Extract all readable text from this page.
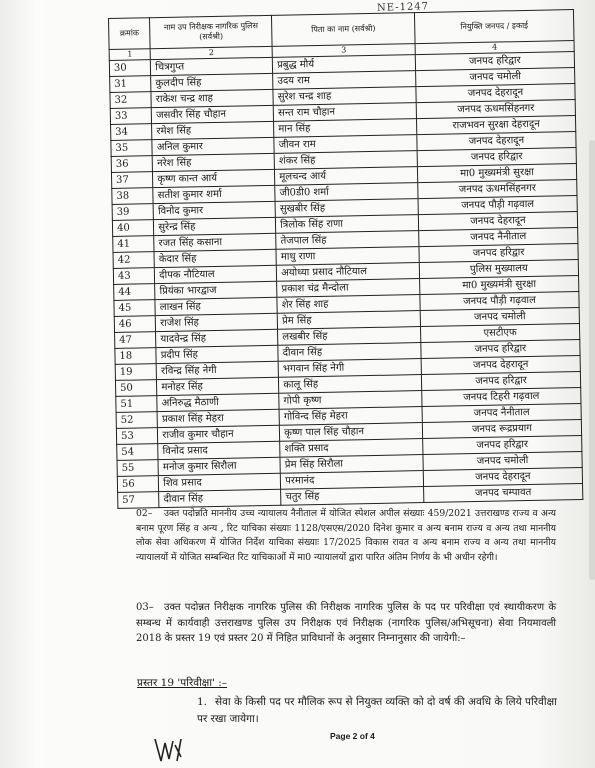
NE-1247
क्रमांक	नाम उप निरीक्षक नागरिक पुलिस (सर्वश्री)	पिता का नाम (सर्वश्री)	नियुक्ति जनपद / इकाई
1	2	3	4
30	चित्रगुप्त	प्रबुद्ध मौर्य	जनपद हरिद्वार
31	कुलदीप सिंह	उदय राम	जनपद चमोली
32	राकेश चन्द्र शाह	सुरेश चन्द्र शाह	जनपद देहरादून
33	जसवीर सिंह चौहान	सन्त राम चौहान	जनपद ऊधमसिंहनगर
34	रमेश सिंह	मान सिंह	राजभवन सुरक्षा देहरादून
35	अनिल कुमार	जीवन राम	जनपद देहरादून
36	नरेश सिंह	शंकर सिंह	जनपद हरिद्वार
37	कृष्ण कान्त आर्य	मूलचन्द आर्य	मा0 मुख्यमंत्री सुरक्षा
38	सतीश कुमार शर्मा	जी0डी0 शर्मा	जनपद ऊधमसिंहनगर
39	विनोद कुमार	सुखबीर सिंह	जनपद पौड़ी गढ़वाल
40	सुरेन्द्र सिंह	त्रिलोक सिंह राणा	जनपद देहरादून
41	रजत सिंह कसाना	तेजपाल सिंह	जनपद नैनीताल
42	केदार सिंह	माधु राणा	जनपद हरिद्वार
43	दीपक नौटियाल	अयोध्या प्रसाद नौटियाल	पुलिस मुख्यालय
44	प्रियंका भारद्वाज	प्रकाश चंद्र मैन्दोला	मा0 मुख्यमंत्री सुरक्षा
45	लाखन सिंह	शेर सिंह शाह	जनपद पौड़ी गढ़वाल
46	राजेश सिंह	प्रेम सिंह	जनपद चमोली
47	यादवेन्द्र सिंह	लखबीर सिंह	एसटीएफ
18	प्रदीप सिंह	दीवान सिंह	जनपद हरिद्वार
19	रविन्द्र सिंह नेगी	भगवान सिंह नेगी	जनपद देहरादून
50	मनोहर सिंह	कालू सिंह	जनपद हरिद्वार
51	अनिरुद्ध मैठाणी	गोपी कृष्ण	जनपद टिहरी गढ़वाल
52	प्रकाश सिंह मेहरा	गोविन्द सिंह मेहरा	जनपद नैनीताल
53	राजीव कुमार चौहान	कृष्ण पाल सिंह चौहान	जनपद रूद्रप्रयाग
54	विनोद प्रसाद	शक्ति प्रसाद	जनपद हरिद्वार
55	मनोज कुमार सिरौला	प्रेम सिंह सिरौला	जनपद चमोली
56	शिव प्रसाद	परमानंद	जनपद देहरादून
57	दीवान सिंह	चतुर सिंह	जनपद चम्पावत
02– उक्त पदोन्नति माननीय उच्च न्यायालय नैनीताल में योजित स्पेशल अपील संख्याः 459/2021 उत्तराखण्ड राज्य व अन्य बनाम पूरण सिंह व अन्य , रिट याचिका संख्याः 1128/एसएस/2020 दिनेश कुमार व अन्य बनाम राज्य व अन्य तथा माननीय लोक सेवा अधिकरण में योजित निर्देश याचिका संख्याः 17/2025 विकास रावत व अन्य बनाम राज्य व अन्य तथा माननीय न्यायालयों में योजित सम्बन्धित रिट याचिकाओं में मा0 न्यायालयों द्वारा पारित अंतिम निर्णय के भी अधीन रहेगी।
03– उक्त पदोन्नत निरीक्षक नागरिक पुलिस की निरीक्षक नागरिक पुलिस के पद पर परिवीक्षा एवं स्थायीकरण के सम्बन्ध में कार्यवाही उत्तराखण्ड पुलिस उप निरीक्षक एवं निरीक्षक (नागरिक पुलिस/अभिसूचना) सेवा नियमावली 2018 के प्रस्तर 19 एवं प्रस्तर 20 में निहित प्राविधानों के अनुसार निम्नानुसार की जायेगी:–
प्रस्तर 19 'परिवीक्षा' :–
1. सेवा के किसी पद पर मौलिक रूप से नियुक्त व्यक्ति को दो वर्ष की अवधि के लिये परिवीक्षा पर रखा जायेगा।
Page 2 of 4
